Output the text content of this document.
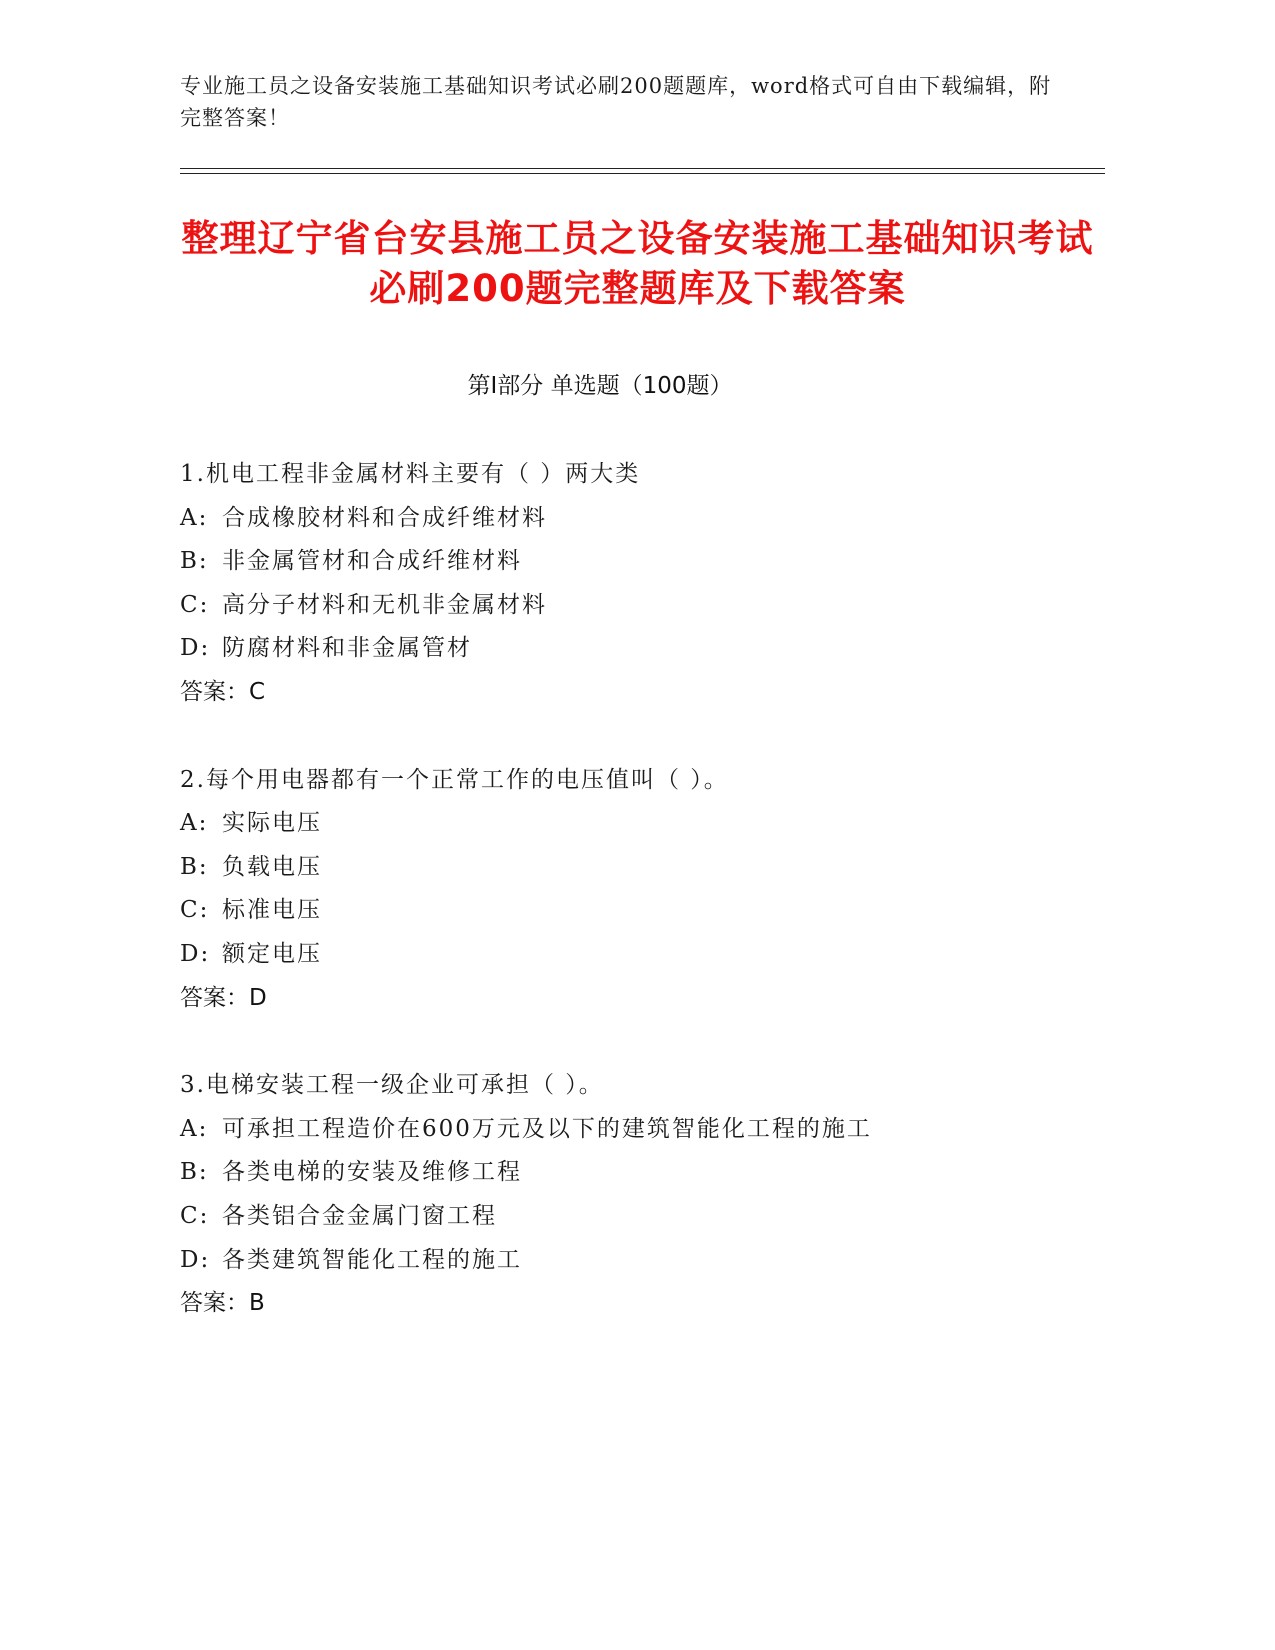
专业施工员之设备安装施工基础知识考试必刷200题题库，word格式可自由下载编辑，附完整答案！
整理辽宁省台安县施工员之设备安装施工基础知识考试必刷200题完整题库及下载答案
第Ⅰ部分 单选题（100题）
1.机电工程非金属材料主要有（ ）两大类
A: 合成橡胶材料和合成纤维材料
B: 非金属管材和合成纤维材料
C: 高分子材料和无机非金属材料
D: 防腐材料和非金属管材
答案：C
2.每个用电器都有一个正常工作的电压值叫（ ）。
A: 实际电压
B: 负载电压
C: 标准电压
D: 额定电压
答案：D
3.电梯安装工程一级企业可承担（ ）。
A: 可承担工程造价在600万元及以下的建筑智能化工程的施工
B: 各类电梯的安装及维修工程
C: 各类铝合金金属门窗工程
D: 各类建筑智能化工程的施工
答案：B
